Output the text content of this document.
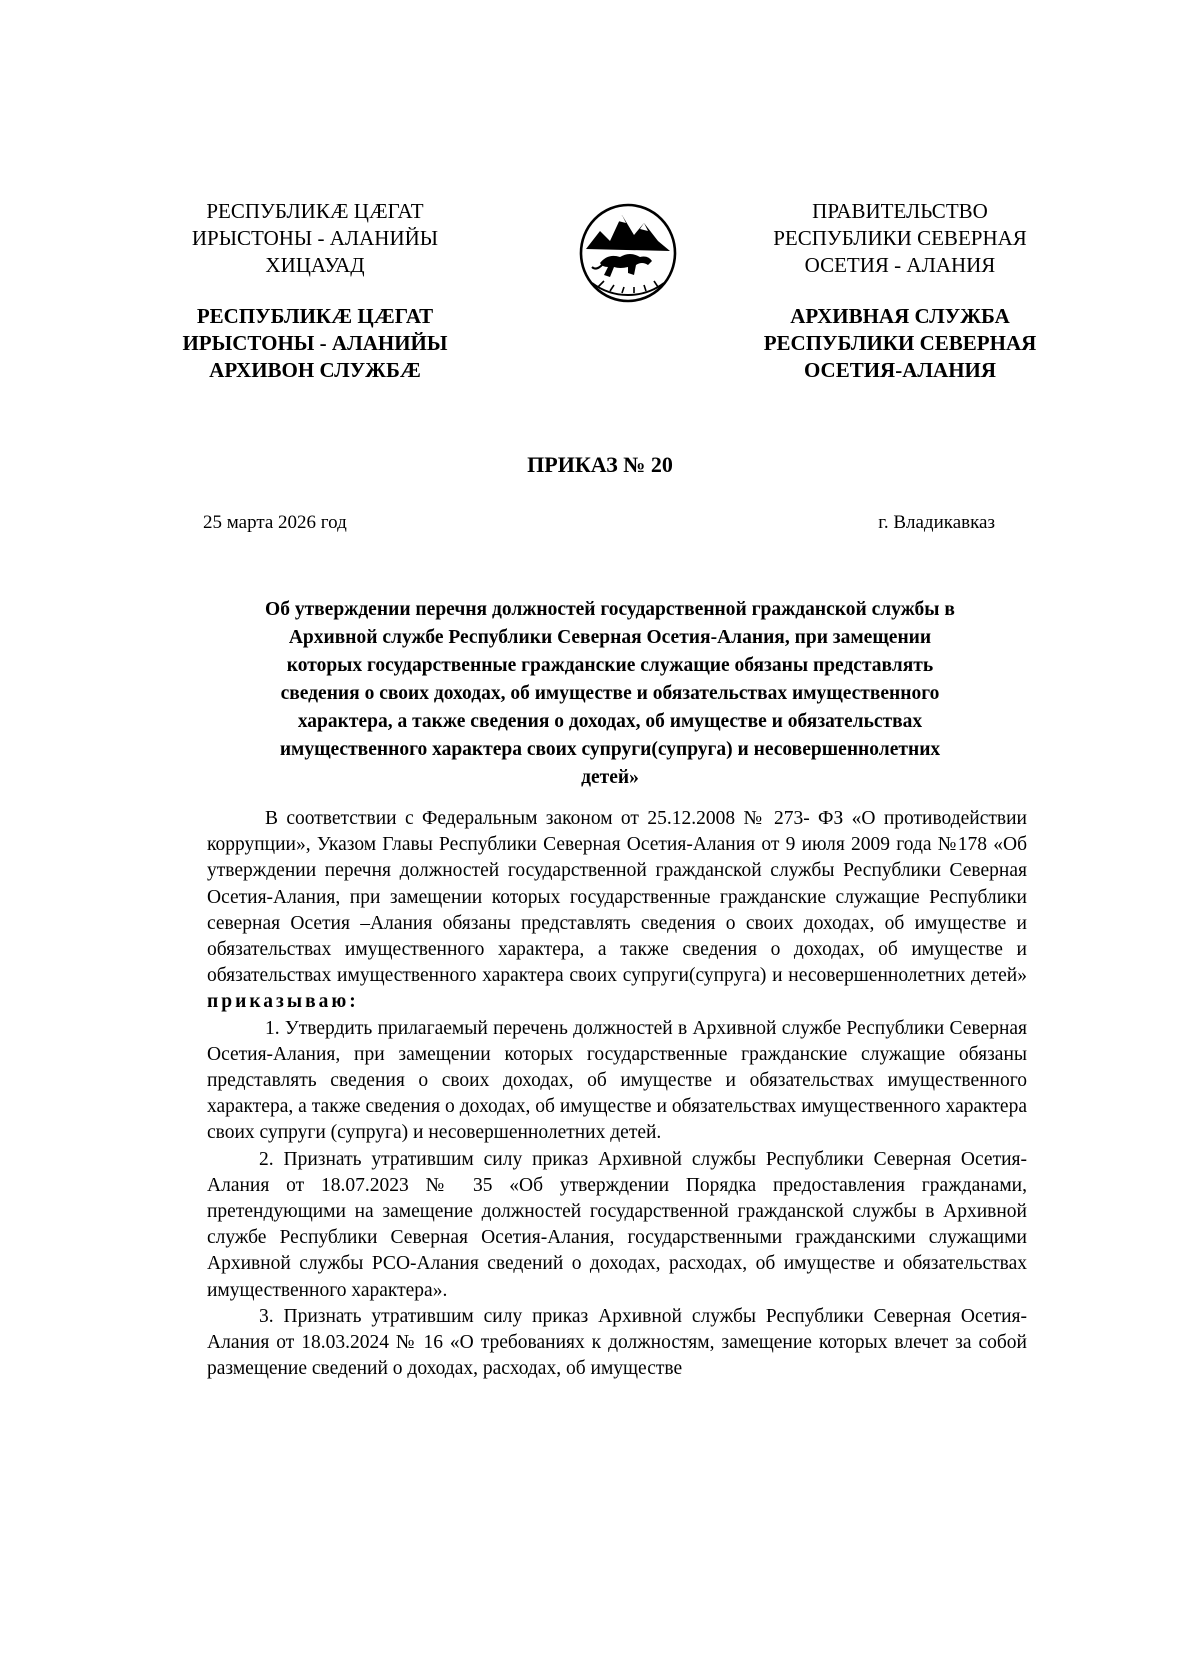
РЕСПУБЛИКÆ ЦÆГАТ
ИРЫСТОНЫ - АЛАНИЙЫ
ХИЦАУАД
РЕСПУБЛИКÆ ЦÆГАТ
ИРЫСТОНЫ - АЛАНИЙЫ
АРХИВОН СЛУЖБÆ
ПРАВИТЕЛЬСТВО
РЕСПУБЛИКИ СЕВЕРНАЯ
ОСЕТИЯ - АЛАНИЯ
АРХИВНАЯ СЛУЖБА
РЕСПУБЛИКИ СЕВЕРНАЯ
ОСЕТИЯ-АЛАНИЯ
ПРИКАЗ № 20
25 марта 2026 год	г. Владикавказ
Об утверждении перечня должностей государственной гражданской службы в
Архивной службе Республики Северная Осетия-Алания, при замещении
которых государственные гражданские служащие обязаны представлять
сведения о своих доходах, об имуществе и обязательствах имущественного
характера, а также сведения о доходах, об имуществе и обязательствах
имущественного характера своих супруги(супруга) и несовершеннолетних
детей»

В соответствии с Федеральным законом от 25.12.2008 № 273- ФЗ «О противодействии коррупции», Указом Главы Республики Северная Осетия-Алания от 9 июля 2009 года №178 «Об утверждении перечня должностей государственной гражданской службы Республики Северная Осетия-Алания, при замещении которых государственные гражданские служащие Республики северная Осетия –Алания обязаны представлять сведения о своих доходах, об имуществе и обязательствах имущественного характера, а также сведения о доходах, об имуществе и обязательствах имущественного характера своих супруги(супруга) и несовершеннолетних детей» приказываю:

1. Утвердить прилагаемый перечень должностей в Архивной службе Республики Северная Осетия-Алания, при замещении которых государственные гражданские служащие обязаны представлять сведения о своих доходах, об имуществе и обязательствах имущественного характера, а также сведения о доходах, об имуществе и обязательствах имущественного характера своих супруги (супруга) и несовершеннолетних детей.

2. Признать утратившим силу приказ Архивной службы Республики Северная Осетия-Алания от 18.07.2023 № 35 «Об утверждении Порядка предоставления гражданами, претендующими на замещение должностей государственной гражданской службы в Архивной службе Республики Северная Осетия-Алания, государственными гражданскими служащими Архивной службы РСО-Алания сведений о доходах, расходах, об имуществе и обязательствах имущественного характера».

3. Признать утратившим силу приказ Архивной службы Республики Северная Осетия-Алания от 18.03.2024 № 16 «О требованиях к должностям, замещение которых влечет за собой размещение сведений о доходах, расходах, об имуществе
